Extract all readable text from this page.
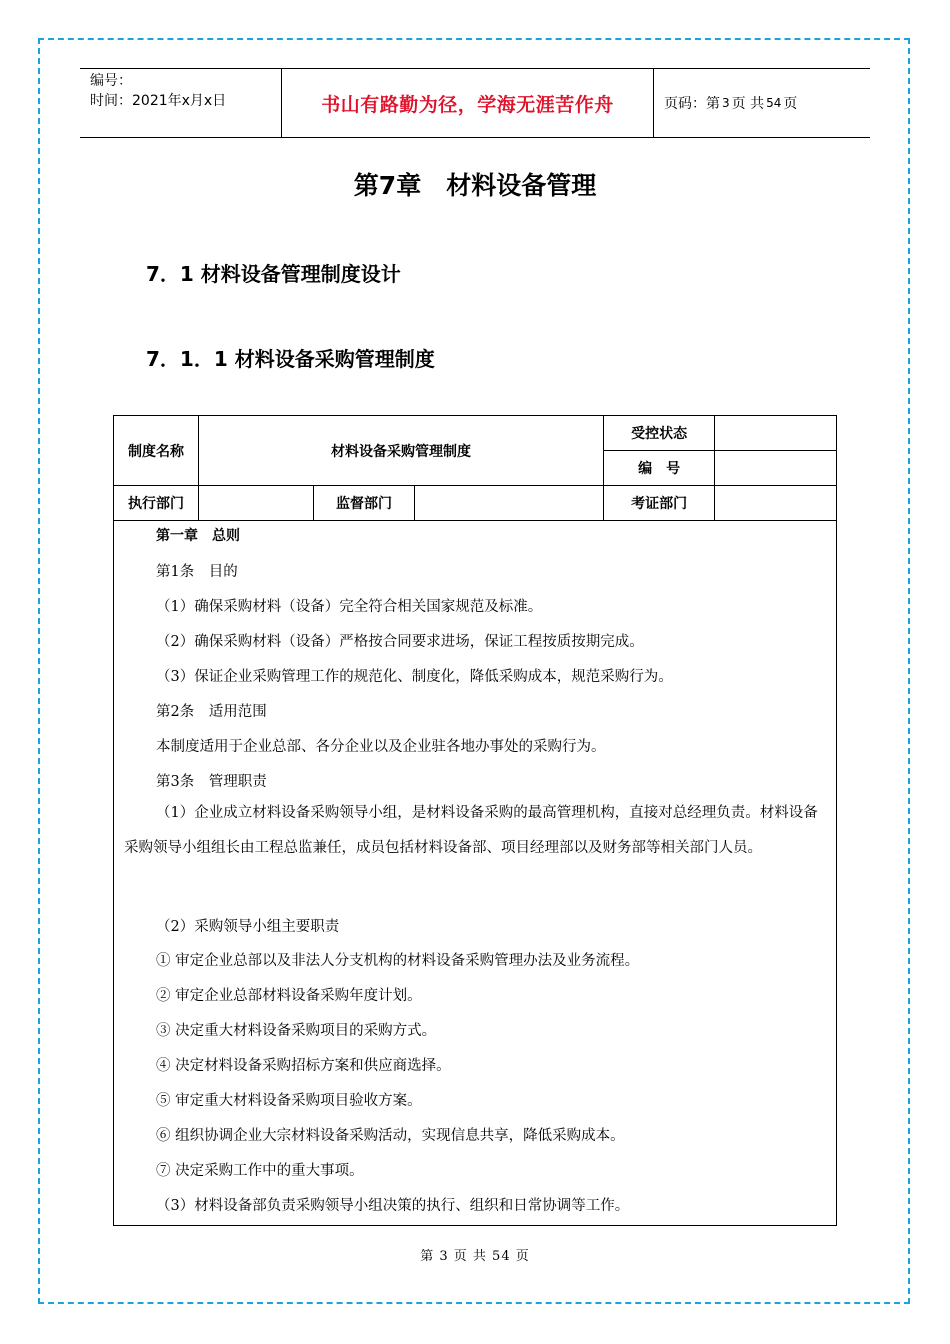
编号：
时间：2021年x月x日	书山有路勤为径，学海无涯苦作舟	页码：第 3 页 共 54 页
第7章　材料设备管理
7．1 材料设备管理制度设计
7．1．1 材料设备采购管理制度
制度名称	材料设备采购管理制度			受控状态	
				编　号	
执行部门		监督部门		考证部门	
第一章　总则
第1条　目的
（1）确保采购材料（设备）完全符合相关国家规范及标准。
（2）确保采购材料（设备）严格按合同要求进场，保证工程按质按期完成。
（3）保证企业采购管理工作的规范化、制度化，降低采购成本，规范采购行为。
第2条　适用范围
本制度适用于企业总部、各分企业以及企业驻各地办事处的采购行为。
第3条　管理职责
（1）企业成立材料设备采购领导小组，是材料设备采购的最高管理机构，直接对总经理负责。材料设备采购领导小组组长由工程总监兼任，成员包括材料设备部、项目经理部以及财务部等相关部门人员。
（2）采购领导小组主要职责
① 审定企业总部以及非法人分支机构的材料设备采购管理办法及业务流程。
② 审定企业总部材料设备采购年度计划。
③ 决定重大材料设备采购项目的采购方式。
④ 决定材料设备采购招标方案和供应商选择。
⑤ 审定重大材料设备采购项目验收方案。
⑥ 组织协调企业大宗材料设备采购活动，实现信息共享，降低采购成本。
⑦ 决定采购工作中的重大事项。
（3）材料设备部负责采购领导小组决策的执行、组织和日常协调等工作。
第 3 页 共 54 页
